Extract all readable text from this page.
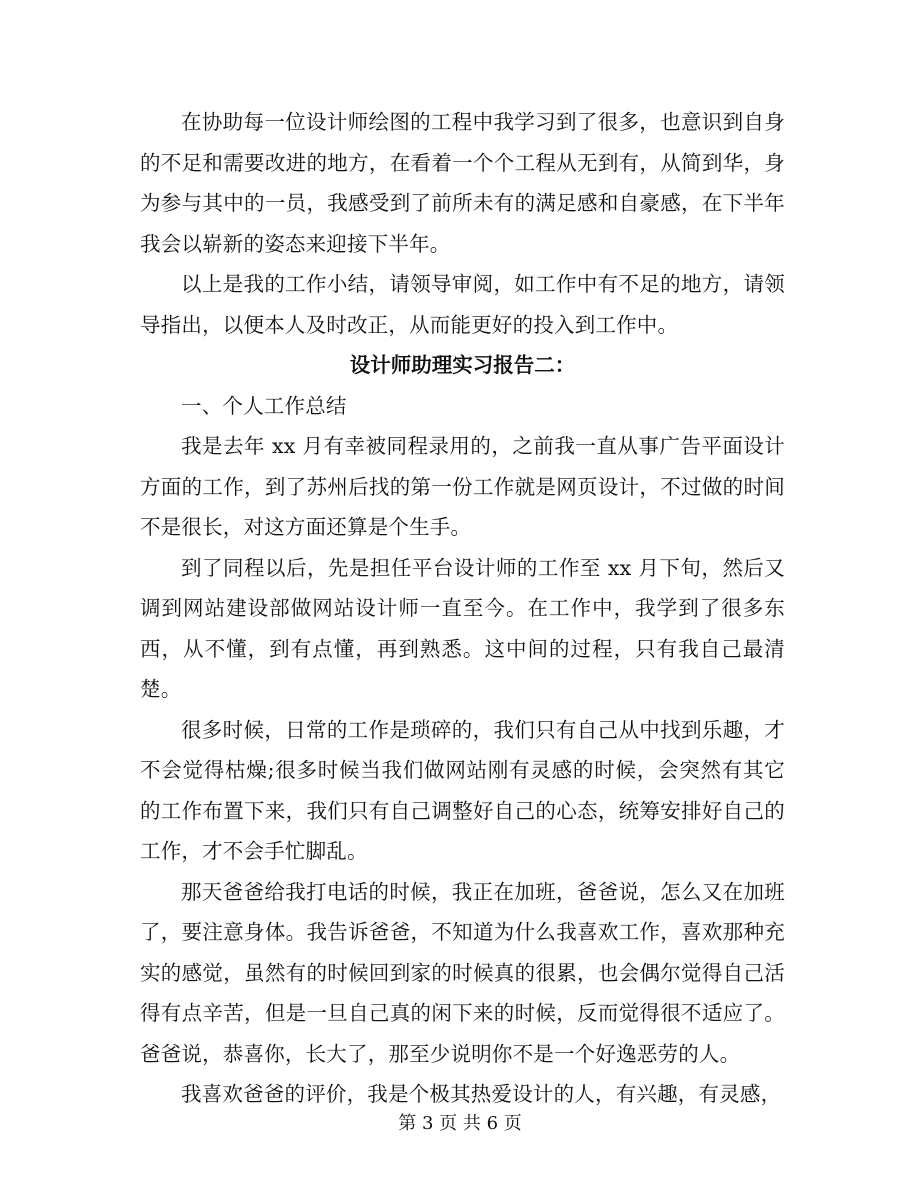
在协助每一位设计师绘图的工程中我学习到了很多，也意识到自身的不足和需要改进的地方，在看着一个个工程从无到有，从简到华，身为参与其中的一员，我感受到了前所未有的满足感和自豪感，在下半年我会以崭新的姿态来迎接下半年。

以上是我的工作小结，请领导审阅，如工作中有不足的地方，请领导指出，以便本人及时改正，从而能更好的投入到工作中。

设计师助理实习报告二：

一、个人工作总结

我是去年 xx 月有幸被同程录用的，之前我一直从事广告平面设计方面的工作，到了苏州后找的第一份工作就是网页设计，不过做的时间不是很长，对这方面还算是个生手。

到了同程以后，先是担任平台设计师的工作至 xx 月下旬，然后又调到网站建设部做网站设计师一直至今。在工作中，我学到了很多东西，从不懂，到有点懂，再到熟悉。这中间的过程，只有我自己最清楚。

很多时候，日常的工作是琐碎的，我们只有自己从中找到乐趣，才不会觉得枯燥;很多时候当我们做网站刚有灵感的时候，会突然有其它的工作布置下来，我们只有自己调整好自己的心态，统筹安排好自己的工作，才不会手忙脚乱。

那天爸爸给我打电话的时候，我正在加班，爸爸说，怎么又在加班了，要注意身体。我告诉爸爸，不知道为什么我喜欢工作，喜欢那种充实的感觉，虽然有的时候回到家的时候真的很累，也会偶尔觉得自己活得有点辛苦，但是一旦自己真的闲下来的时候，反而觉得很不适应了。爸爸说，恭喜你，长大了，那至少说明你不是一个好逸恶劳的人。

我喜欢爸爸的评价，我是个极其热爱设计的人，有兴趣，有灵感，

第 3 页 共 6 页
